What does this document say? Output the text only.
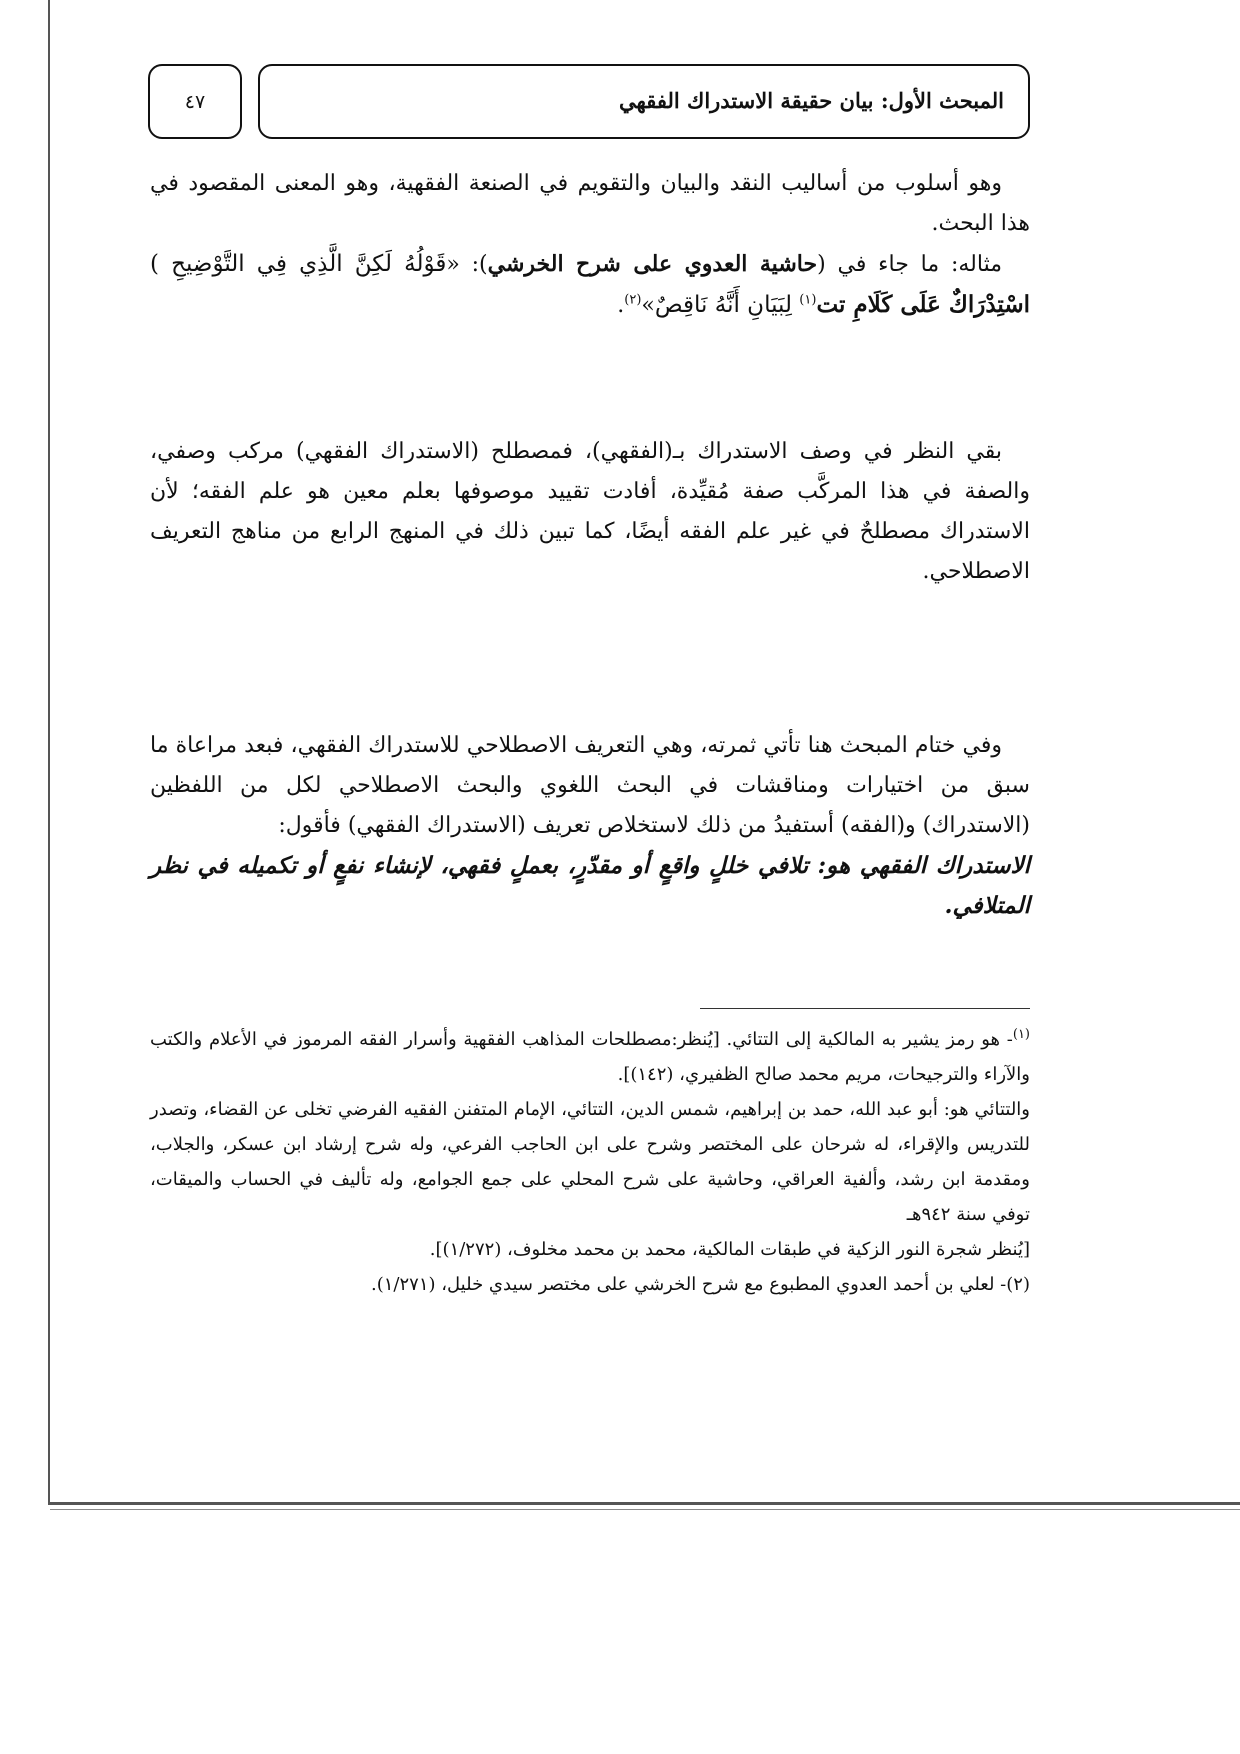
٤٧	المبحث الأول: بيان حقيقة الاستدراك الفقهي

وهو أسلوب من أساليب النقد والبيان والتقويم في الصنعة الفقهية، وهو المعنى المقصود في هذا البحث.

مثاله: ما جاء في (حاشية العدوي على شرح الخرشي): «قَوْلُهُ لَكِنَّ الَّذِي فِي التَّوْضِيحِ ) اسْتِدْرَاكٌ عَلَى كَلَامِ تت$^{(١)}$ لِبَيَانِ أَنَّهُ نَاقِصٌ»$^{(٢)}$.

بقي النظر في وصف الاستدراك بـ(الفقهي)، فمصطلح (الاستدراك الفقهي) مركب وصفي، والصفة في هذا المركَّب صفة مُقيِّدة، أفادت تقييد موصوفها بعلم معين هو علم الفقه؛ لأن الاستدراك مصطلحٌ في غير علم الفقه أيضًا، كما تبين ذلك في المنهج الرابع من مناهج التعريف الاصطلاحي.

وفي ختام المبحث هنا تأتي ثمرته، وهي التعريف الاصطلاحي للاستدراك الفقهي، فبعد مراعاة ما سبق من اختيارات ومناقشات في البحث اللغوي والبحث الاصطلاحي لكل من اللفظين (الاستدراك) و(الفقه) أستفيدُ من ذلك لاستخلاص تعريف (الاستدراك الفقهي) فأقول:

الاستدراك الفقهي هو: تلافي خللٍ واقعٍ أو مقدّرٍ، بعملٍ فقهي، لإنشاء نفعٍ أو تكميله في نظر المتلافي.

$^{(١)}$- هو رمز يشير به المالكية إلى التتائي. [يُنظر:مصطلحات المذاهب الفقهية وأسرار الفقه المرموز في الأعلام والكتب والآراء والترجيحات، مريم محمد صالح الظفيري، (١٤٢)].

والتتائي هو: أبو عبد الله، حمد بن إبراهيم، شمس الدين، التتائي، الإمام المتفنن الفقيه الفرضي تخلى عن القضاء، وتصدر للتدريس والإقراء، له شرحان على المختصر وشرح على ابن الحاجب الفرعي، وله شرح إرشاد ابن عسكر، والجلاب، ومقدمة ابن رشد، وألفية العراقي، وحاشية على شرح المحلي على جمع الجوامع، وله تأليف في الحساب والميقات، توفي سنة ٩٤٢هـ

[يُنظر شجرة النور الزكية في طبقات المالكية، محمد بن محمد مخلوف، (١/٢٧٢)].

(٢)- لعلي بن أحمد العدوي المطبوع مع شرح الخرشي على مختصر سيدي خليل، (١/٢٧١).
